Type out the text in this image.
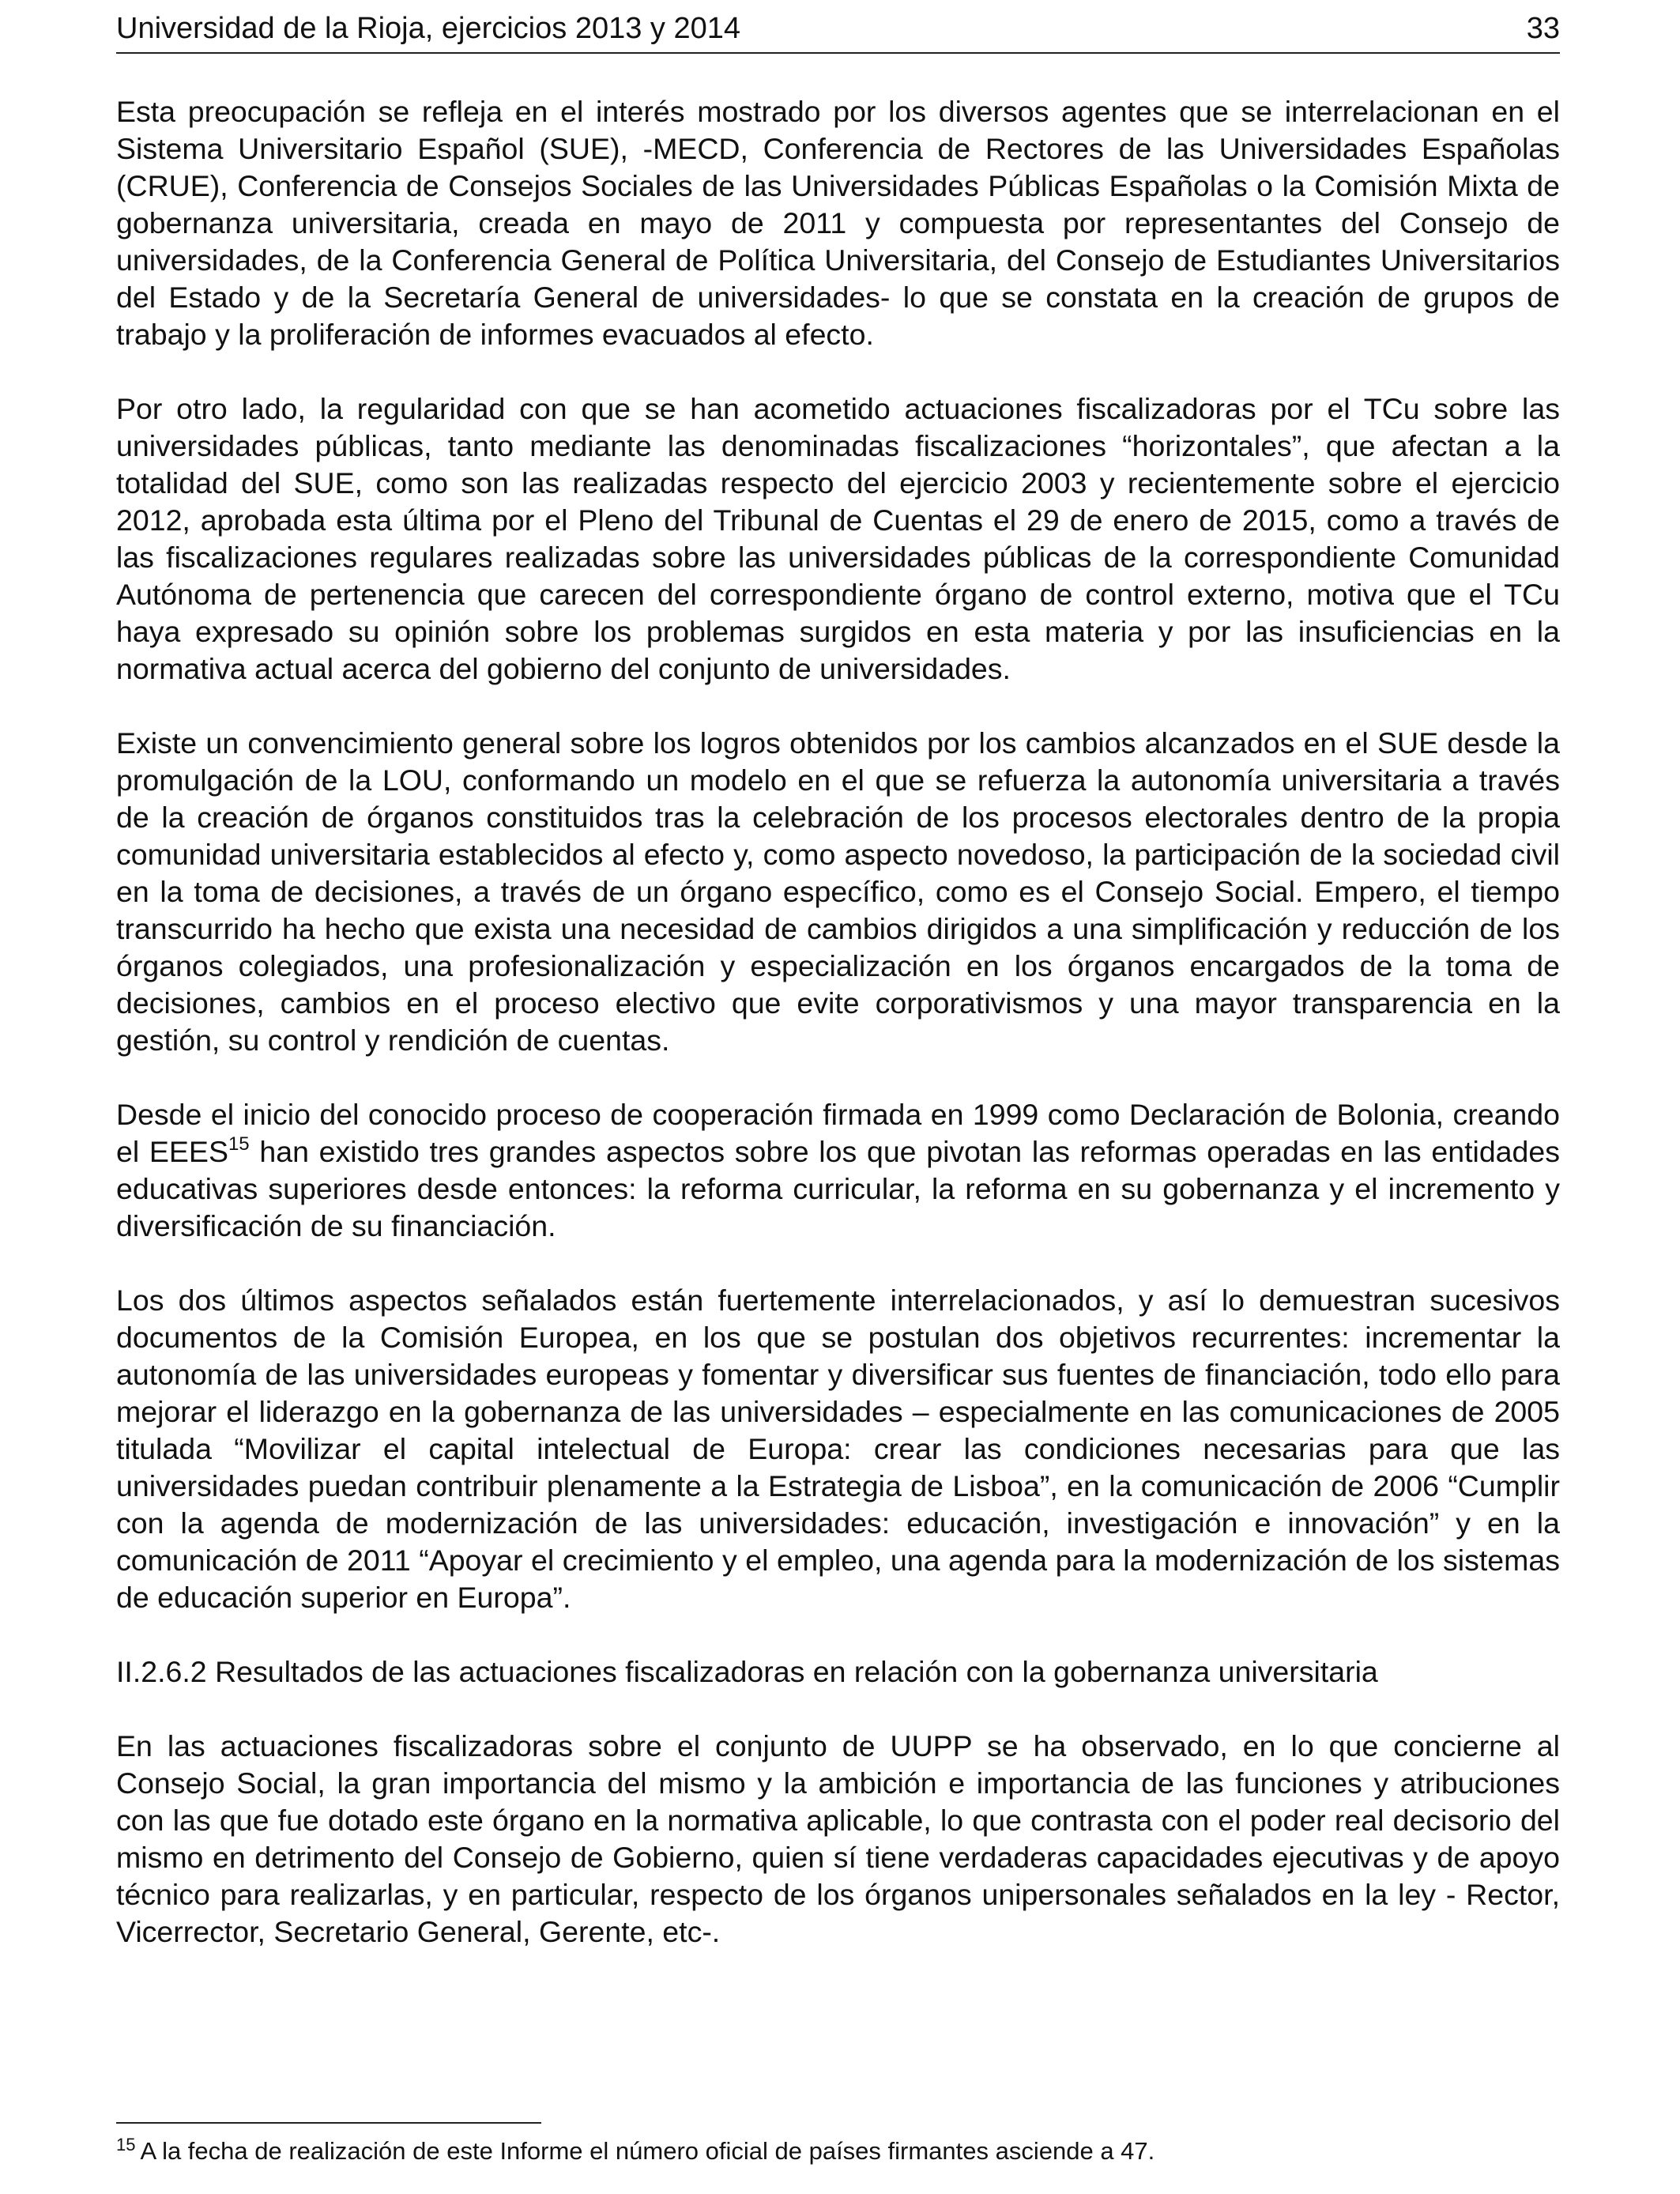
Universidad de la Rioja, ejercicios 2013 y 2014	33

Esta preocupación se refleja en el interés mostrado por los diversos agentes que se interrelacionan en el Sistema Universitario Español (SUE), -MECD, Conferencia de Rectores de las Universidades Españolas (CRUE), Conferencia de Consejos Sociales de las Universidades Públicas Españolas o la Comisión Mixta de gobernanza universitaria, creada en mayo de 2011 y compuesta por representantes del Consejo de universidades, de la Conferencia General de Política Universitaria, del Consejo de Estudiantes Universitarios del Estado y de la Secretaría General de universidades- lo que se constata en la creación de grupos de trabajo y la proliferación de informes evacuados al efecto.

Por otro lado, la regularidad con que se han acometido actuaciones fiscalizadoras por el TCu sobre las universidades públicas, tanto mediante las denominadas fiscalizaciones “horizontales”, que afectan a la totalidad del SUE, como son las realizadas respecto del ejercicio 2003 y recientemente sobre el ejercicio 2012, aprobada esta última por el Pleno del Tribunal de Cuentas el 29 de enero de 2015, como a través de las fiscalizaciones regulares realizadas sobre las universidades públicas de la correspondiente Comunidad Autónoma de pertenencia que carecen del correspondiente órgano de control externo, motiva que el TCu haya expresado su opinión sobre los problemas surgidos en esta materia y por las insuficiencias en la normativa actual acerca del gobierno del conjunto de universidades.

Existe un convencimiento general sobre los logros obtenidos por los cambios alcanzados en el SUE desde la promulgación de la LOU, conformando un modelo en el que se refuerza la autonomía universitaria a través de la creación de órganos constituidos tras la celebración de los procesos electorales dentro de la propia comunidad universitaria establecidos al efecto y, como aspecto novedoso, la participación de la sociedad civil en la toma de decisiones, a través de un órgano específico, como es el Consejo Social. Empero, el tiempo transcurrido ha hecho que exista una necesidad de cambios dirigidos a una simplificación y reducción de los órganos colegiados, una profesionalización y especialización en los órganos encargados de la toma de decisiones, cambios en el proceso electivo que evite corporativismos y una mayor transparencia en la gestión, su control y rendición de cuentas.

Desde el inicio del conocido proceso de cooperación firmada en 1999 como Declaración de Bolonia, creando el EEES$^{15}$ han existido tres grandes aspectos sobre los que pivotan las reformas operadas en las entidades educativas superiores desde entonces: la reforma curricular, la reforma en su gobernanza y el incremento y diversificación de su financiación.

Los dos últimos aspectos señalados están fuertemente interrelacionados, y así lo demuestran sucesivos documentos de la Comisión Europea, en los que se postulan dos objetivos recurrentes: incrementar la autonomía de las universidades europeas y fomentar y diversificar sus fuentes de financiación, todo ello para mejorar el liderazgo en la gobernanza de las universidades – especialmente en las comunicaciones de 2005 titulada “Movilizar el capital intelectual de Europa: crear las condiciones necesarias para que las universidades puedan contribuir plenamente a la Estrategia de Lisboa”, en la comunicación de 2006 “Cumplir con la agenda de modernización de las universidades: educación, investigación e innovación” y en la comunicación de 2011 “Apoyar el crecimiento y el empleo, una agenda para la modernización de los sistemas de educación superior en Europa”.

II.2.6.2 Resultados de las actuaciones fiscalizadoras en relación con la gobernanza universitaria

En las actuaciones fiscalizadoras sobre el conjunto de UUPP se ha observado, en lo que concierne al Consejo Social, la gran importancia del mismo y la ambición e importancia de las funciones y atribuciones con las que fue dotado este órgano en la normativa aplicable, lo que contrasta con el poder real decisorio del mismo en detrimento del Consejo de Gobierno, quien sí tiene verdaderas capacidades ejecutivas y de apoyo técnico para realizarlas, y en particular, respecto de los órganos unipersonales señalados en la ley - Rector, Vicerrector, Secretario General, Gerente, etc-.

$^{15}$ A la fecha de realización de este Informe el número oficial de países firmantes asciende a 47.
